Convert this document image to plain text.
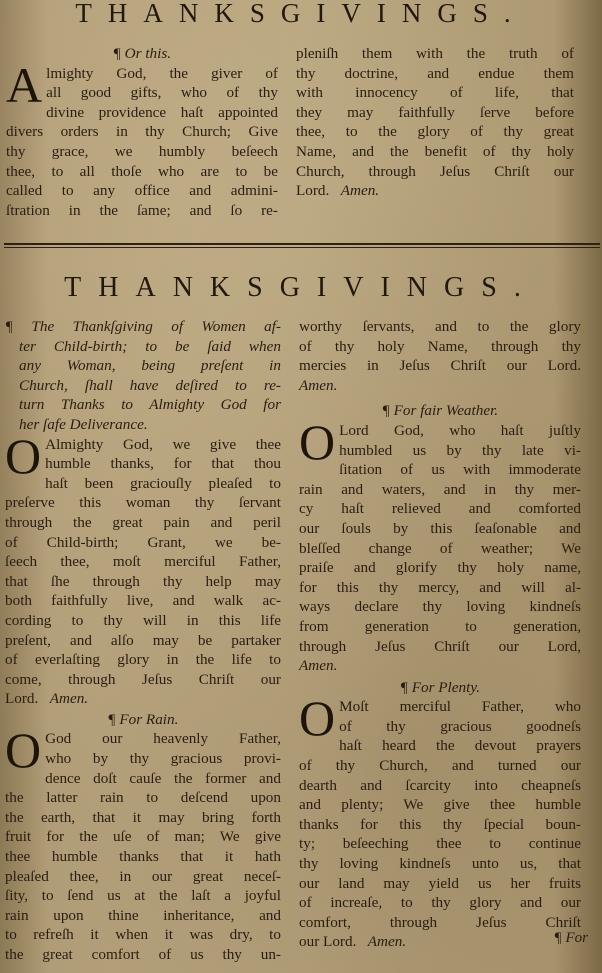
THANKSGIVINGS.

¶ Or this.

A lmighty God, the giver of

all good gifts, who of thy

divine providence haſt appointed

divers orders in thy Church; Give

thy grace, we humbly beſeech

thee, to all thoſe who are to be

called to any office and admini-

ſtration in the ſame; and ſo re-

pleniſh them with the truth of

thy doctrine, and endue them

with innocency of life, that

they may faithfully ſerve before

thee, to the glory of thy great

Name, and the benefit of thy holy

Church, through Jeſus Chriſt our

Lord. Amen.

THANKSGIVINGS.

¶ The Thankſgiving of Women af-

ter Child-birth; to be ſaid when

any Woman, being preſent in

Church, ſhall have deſired to re-

turn Thanks to Almighty God for

her ſafe Deliverance.

O Almighty God, we give thee

humble thanks, for that thou

haſt been graciouſly pleaſed to

preſerve this woman thy ſervant

through the great pain and peril

of Child-birth; Grant, we be-

ſeech thee, moſt merciful Father,

that ſhe through thy help may

both faithfully live, and walk ac-

cording to thy will in this life

preſent, and alſo may be partaker

of everlaſting glory in the life to

come, through Jeſus Chriſt our

Lord. Amen.

¶ For Rain.

O God our heavenly Father,

who by thy gracious provi-

dence doſt cauſe the former and

the latter rain to deſcend upon

the earth, that it may bring forth

fruit for the uſe of man; We give

thee humble thanks that it hath

pleaſed thee, in our great neceſ-

ſity, to ſend us at the laſt a joyful

rain upon thine inheritance, and

to refreſh it when it was dry, to

the great comfort of us thy un-

worthy ſervants, and to the glory

of thy holy Name, through thy

mercies in Jeſus Chriſt our Lord.

Amen.

¶ For fair Weather.

O Lord God, who haſt juſtly

humbled us by thy late vi-

ſitation of us with immoderate

rain and waters, and in thy mer-

cy haſt relieved and comforted

our ſouls by this ſeaſonable and

bleſſed change of weather; We

praiſe and glorify thy holy name,

for this thy mercy, and will al-

ways declare thy loving kindneſs

from generation to generation,

through Jeſus Chriſt our Lord,

Amen.

¶ For Plenty.

O Moſt merciful Father, who

of thy gracious goodneſs

haſt heard the devout prayers

of thy Church, and turned our

dearth and ſcarcity into cheapneſs

and plenty; We give thee humble

thanks for this thy ſpecial boun-

ty; beſeeching thee to continue

thy loving kindneſs unto us, that

our land may yield us her fruits

of increaſe, to thy glory and our

comfort, through Jeſus Chriſt

our Lord. Amen.	¶ For
